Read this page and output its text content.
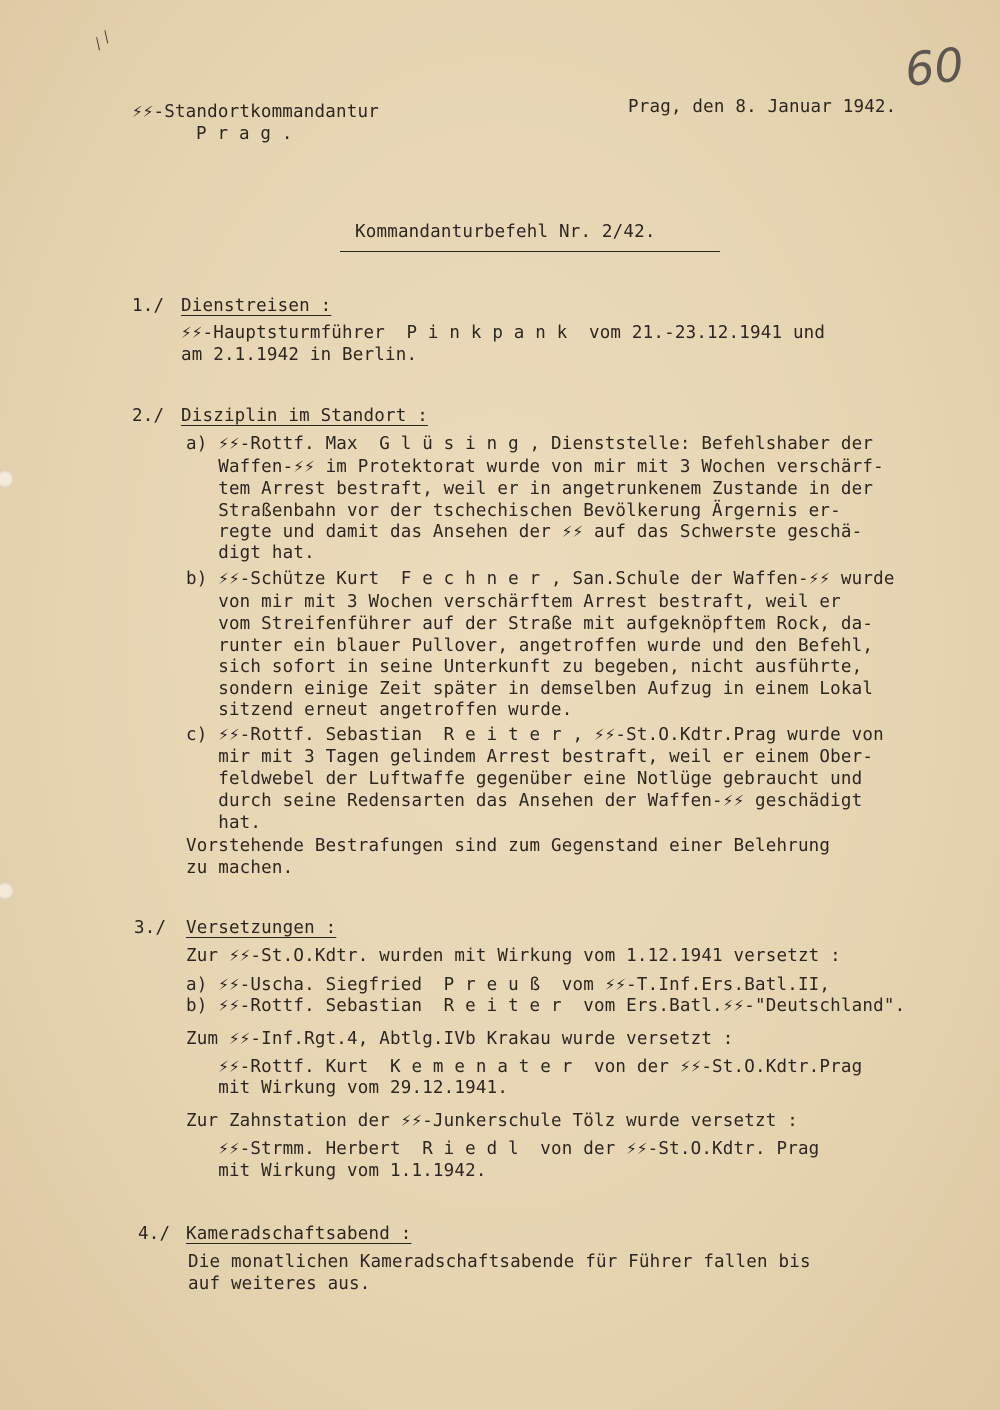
⁄⁄	60
⚡⚡-Standortkommandantur
P r a g .
Prag, den 8. Januar 1942.
Kommandanturbefehl Nr. 2/42.
1./ Dienstreisen :
⚡⚡-Hauptsturmführer  P i n k p a n k  vom 21.-23.12.1941 und
am 2.1.1942 in Berlin.
2./ Disziplin im Standort :
a) ⚡⚡-Rottf. Max  G l ü s i n g , Dienststelle: Befehlshaber der
Waffen-⚡⚡ im Protektorat wurde von mir mit 3 Wochen verschärf-
tem Arrest bestraft, weil er in angetrunkenem Zustande in der
Straßenbahn vor der tschechischen Bevölkerung Ärgernis er-
regte und damit das Ansehen der ⚡⚡ auf das Schwerste geschä-
digt hat.
b) ⚡⚡-Schütze Kurt  F e c h n e r , San.Schule der Waffen-⚡⚡ wurde
von mir mit 3 Wochen verschärftem Arrest bestraft, weil er
vom Streifenführer auf der Straße mit aufgeknöpftem Rock, da-
runter ein blauer Pullover, angetroffen wurde und den Befehl,
sich sofort in seine Unterkunft zu begeben, nicht ausführte,
sondern einige Zeit später in demselben Aufzug in einem Lokal
sitzend erneut angetroffen wurde.
c) ⚡⚡-Rottf. Sebastian  R e i t e r , ⚡⚡-St.O.Kdtr.Prag wurde von
mir mit 3 Tagen gelindem Arrest bestraft, weil er einem Ober-
feldwebel der Luftwaffe gegenüber eine Notlüge gebraucht und
durch seine Redensarten das Ansehen der Waffen-⚡⚡ geschädigt
hat.
Vorstehende Bestrafungen sind zum Gegenstand einer Belehrung
zu machen.
3./ Versetzungen :
Zur ⚡⚡-St.O.Kdtr. wurden mit Wirkung vom 1.12.1941 versetzt :
a) ⚡⚡-Uscha. Siegfried  P r e u ß  vom ⚡⚡-T.Inf.Ers.Batl.II,
b) ⚡⚡-Rottf. Sebastian  R e i t e r  vom Ers.Batl.⚡⚡-"Deutschland".
Zum ⚡⚡-Inf.Rgt.4, Abtlg.IVb Krakau wurde versetzt :
⚡⚡-Rottf. Kurt  K e m e n a t e r  von der ⚡⚡-St.O.Kdtr.Prag
mit Wirkung vom 29.12.1941.
Zur Zahnstation der ⚡⚡-Junkerschule Tölz wurde versetzt :
⚡⚡-Strmm. Herbert  R i e d l  von der ⚡⚡-St.O.Kdtr. Prag
mit Wirkung vom 1.1.1942.
4./ Kameradschaftsabend :
Die monatlichen Kameradschaftsabende für Führer fallen bis
auf weiteres aus.
